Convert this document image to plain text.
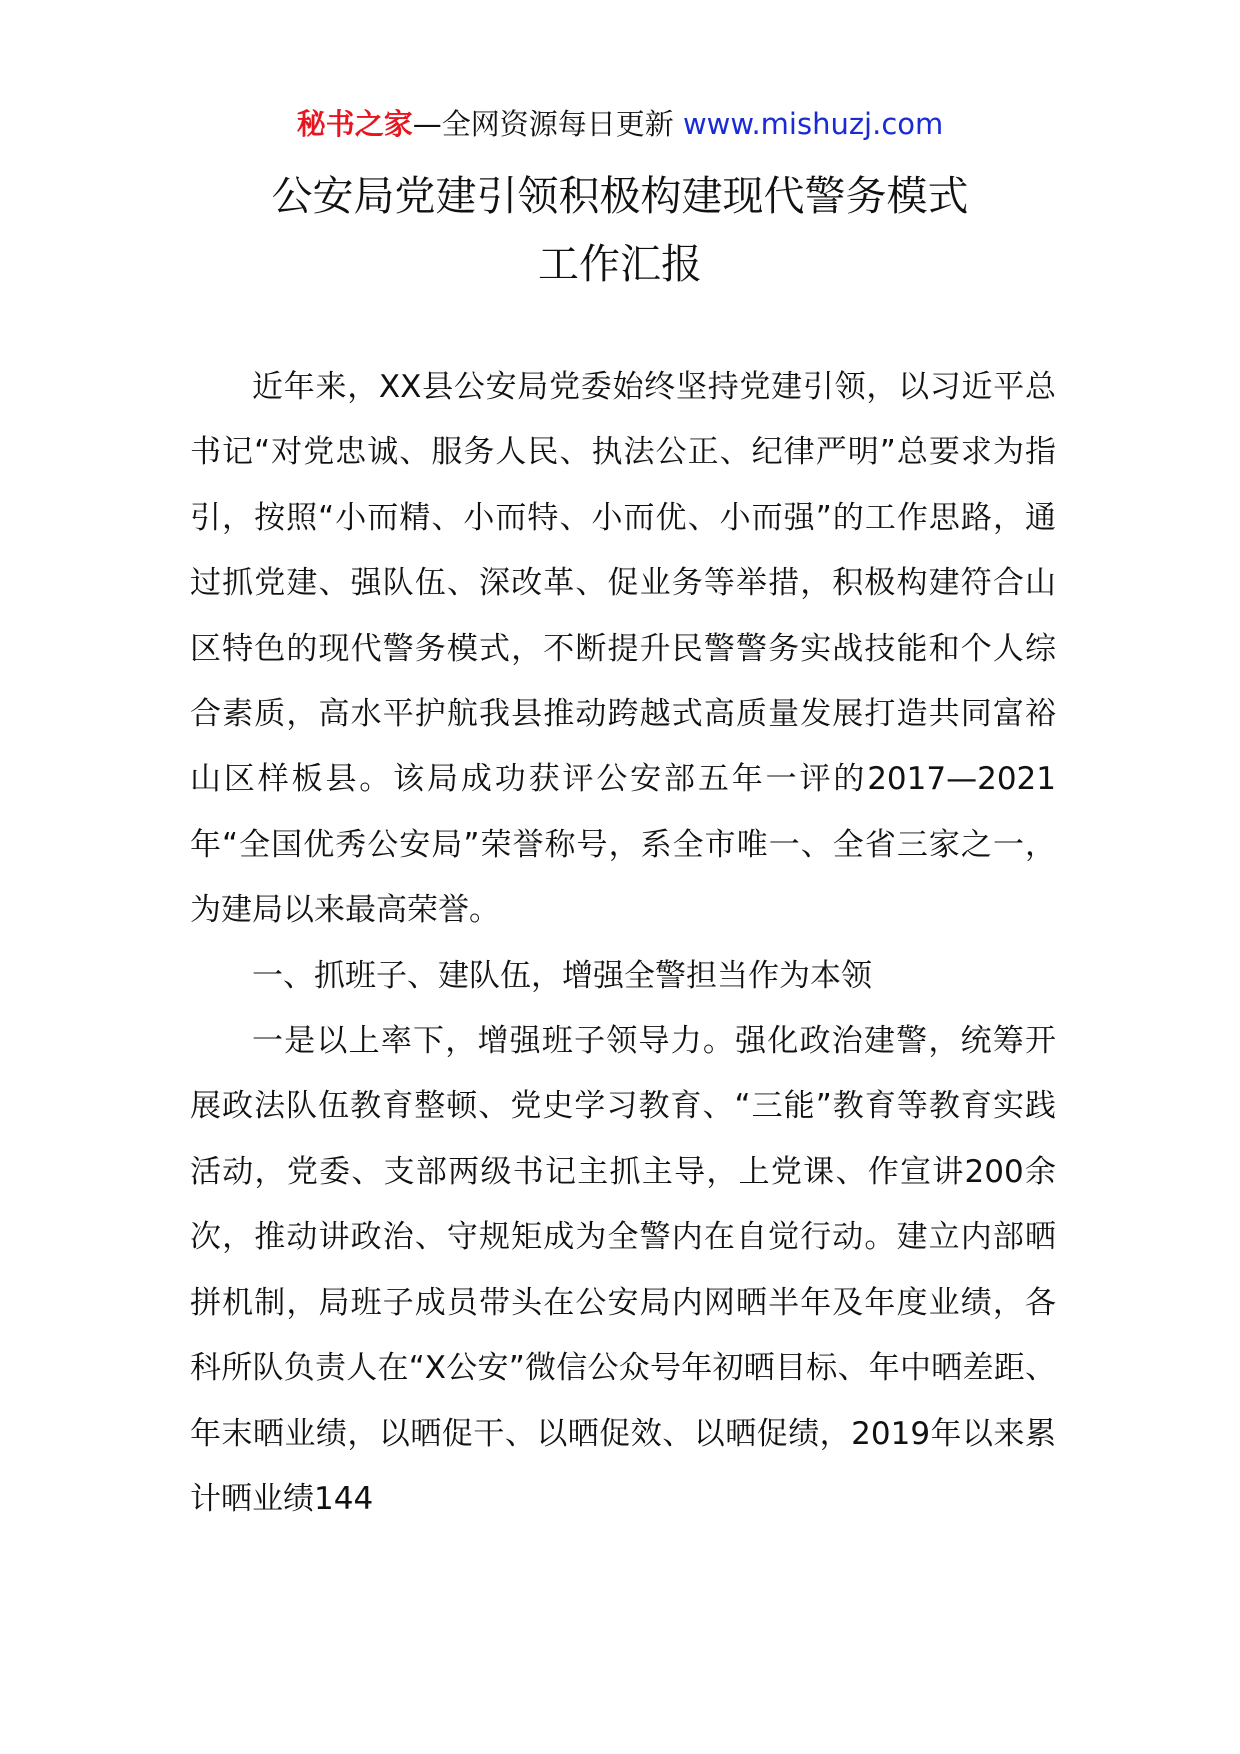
秘书之家—全网资源每日更新 www.mishuzj.com
公安局党建引领积极构建现代警务模式
工作汇报

近年来，XX县公安局党委始终坚持党建引领，以习近平总书记“对党忠诚、服务人民、执法公正、纪律严明”总要求为指引，按照“小而精、小而特、小而优、小而强”的工作思路，通过抓党建、强队伍、深改革、促业务等举措，积极构建符合山区特色的现代警务模式，不断提升民警警务实战技能和个人综合素质，高水平护航我县推动跨越式高质量发展打造共同富裕山区样板县。该局成功获评公安部五年一评的2017—2021年“全国优秀公安局”荣誉称号，系全市唯一、全省三家之一，为建局以来最高荣誉。

一、抓班子、建队伍，增强全警担当作为本领

一是以上率下，增强班子领导力。强化政治建警，统筹开展政法队伍教育整顿、党史学习教育、“三能”教育等教育实践活动，党委、支部两级书记主抓主导，上党课、作宣讲200余次，推动讲政治、守规矩成为全警内在自觉行动。建立内部晒拼机制，局班子成员带头在公安局内网晒半年及年度业绩，各科所队负责人在“X公安”微信公众号年初晒目标、年中晒差距、年末晒业绩，以晒促干、以晒促效、以晒促绩，2019年以来累计晒业绩144
